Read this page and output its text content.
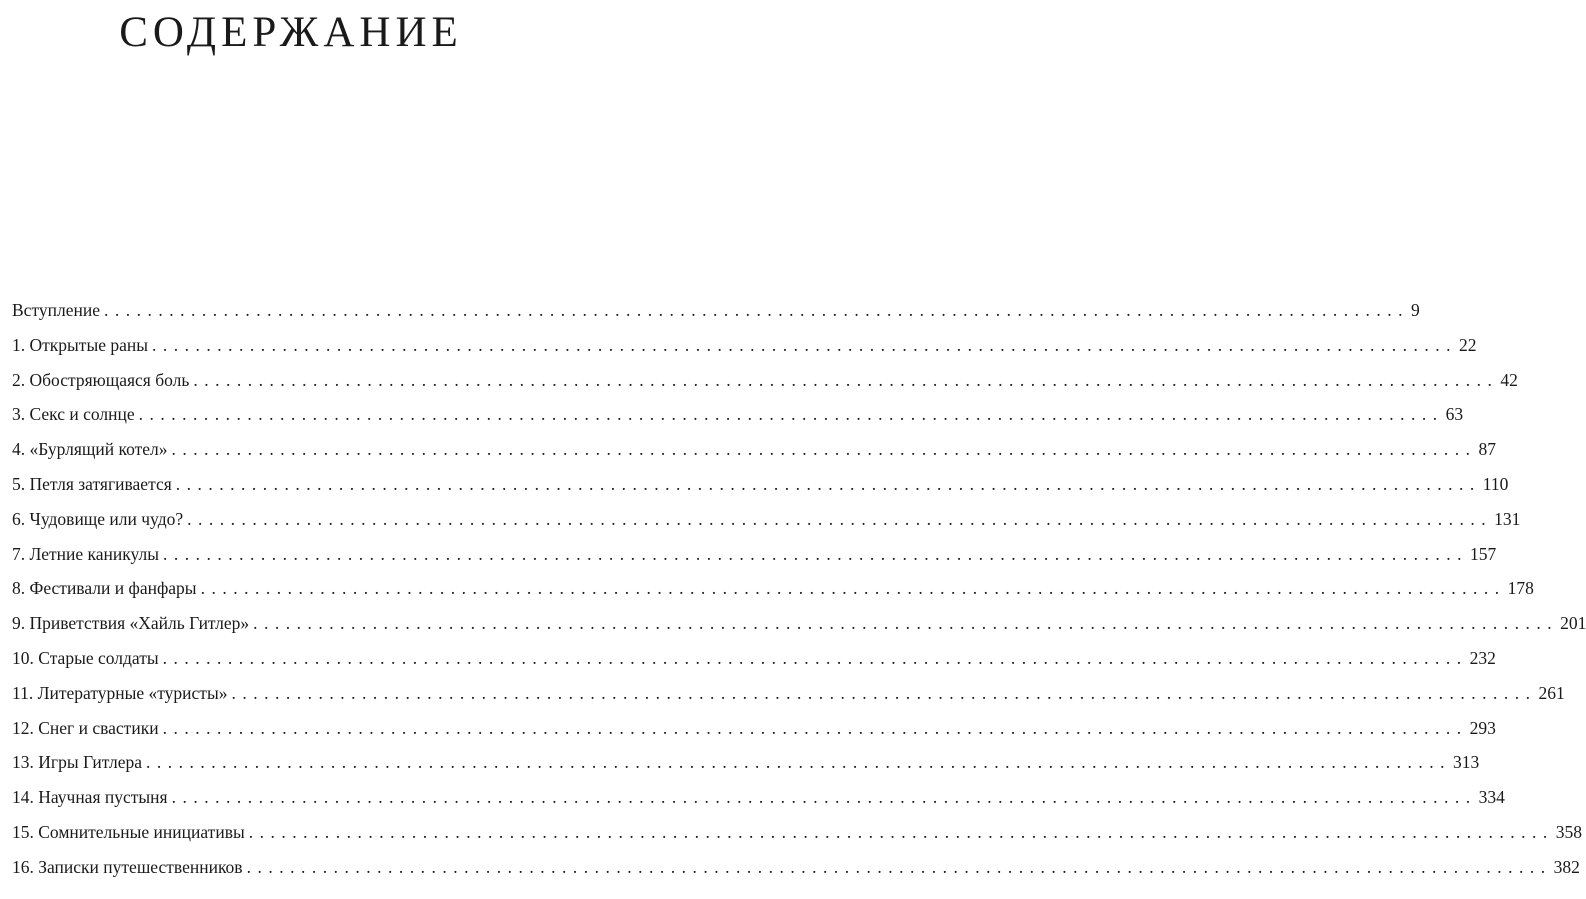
СОДЕРЖАНИЕ
Вступление ........................................................................................................................ 9
1. Открытые раны ........................................................................................................................ 22
2. Обостряющаяся боль ........................................................................................................................ 42
3. Секс и солнце ........................................................................................................................ 63
4. «Бурлящий котел» ........................................................................................................................ 87
5. Петля затягивается ........................................................................................................................ 110
6. Чудовище или чудо? ........................................................................................................................ 131
7. Летние каникулы ........................................................................................................................ 157
8. Фестивали и фанфары ........................................................................................................................ 178
9. Приветствия «Хайль Гитлер» ........................................................................................................................ 201
10. Старые солдаты ........................................................................................................................ 232
11. Литературные «туристы» ........................................................................................................................ 261
12. Снег и свастики ........................................................................................................................ 293
13. Игры Гитлера ........................................................................................................................ 313
14. Научная пустыня ........................................................................................................................ 334
15. Сомнительные инициативы ........................................................................................................................ 358
16. Записки путешественников ........................................................................................................................ 382
